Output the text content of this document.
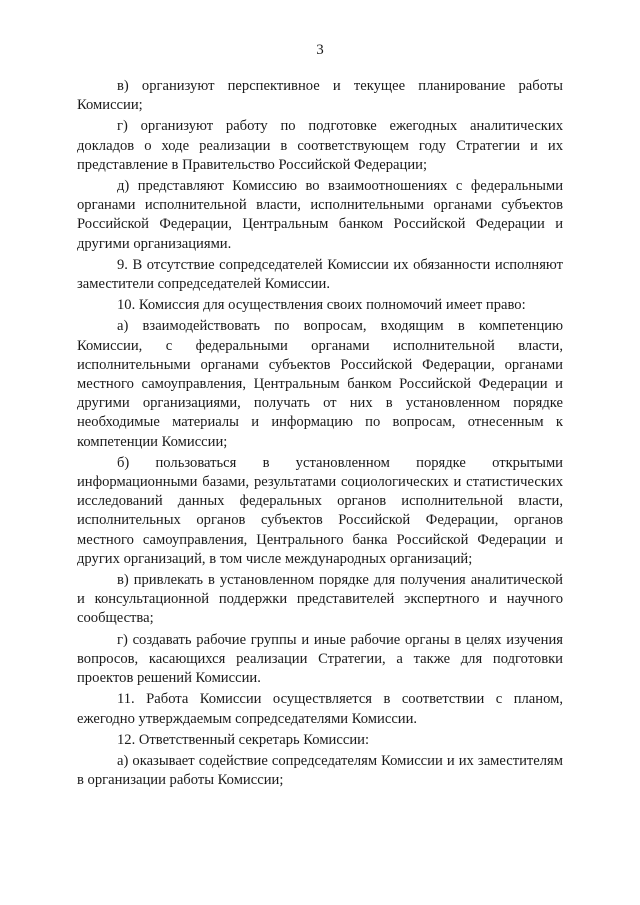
3

в) организуют перспективное и текущее планирование работы Комиссии;

г) организуют работу по подготовке ежегодных аналитических докладов о ходе реализации в соответствующем году Стратегии и их представление в Правительство Российской Федерации;

д) представляют Комиссию во взаимоотношениях с федеральными органами исполнительной власти, исполнительными органами субъектов Российской Федерации, Центральным банком Российской Федерации и другими организациями.

9. В отсутствие сопредседателей Комиссии их обязанности исполняют заместители сопредседателей Комиссии.

10. Комиссия для осуществления своих полномочий имеет право:

а) взаимодействовать по вопросам, входящим в компетенцию Комиссии, с федеральными органами исполнительной власти, исполнительными органами субъектов Российской Федерации, органами местного самоуправления, Центральным банком Российской Федерации и другими организациями, получать от них в установленном порядке необходимые материалы и информацию по вопросам, отнесенным к компетенции Комиссии;

б) пользоваться в установленном порядке открытыми информационными базами, результатами социологических и статистических исследований данных федеральных органов исполнительной власти, исполнительных органов субъектов Российской Федерации, органов местного самоуправления, Центрального банка Российской Федерации и других организаций, в том числе международных организаций;

в) привлекать в установленном порядке для получения аналитической и консультационной поддержки представителей экспертного и научного сообщества;

г) создавать рабочие группы и иные рабочие органы в целях изучения вопросов, касающихся реализации Стратегии, а также для подготовки проектов решений Комиссии.

11. Работа Комиссии осуществляется в соответствии с планом, ежегодно утверждаемым сопредседателями Комиссии.

12. Ответственный секретарь Комиссии:

а) оказывает содействие сопредседателям Комиссии и их заместителям в организации работы Комиссии;
